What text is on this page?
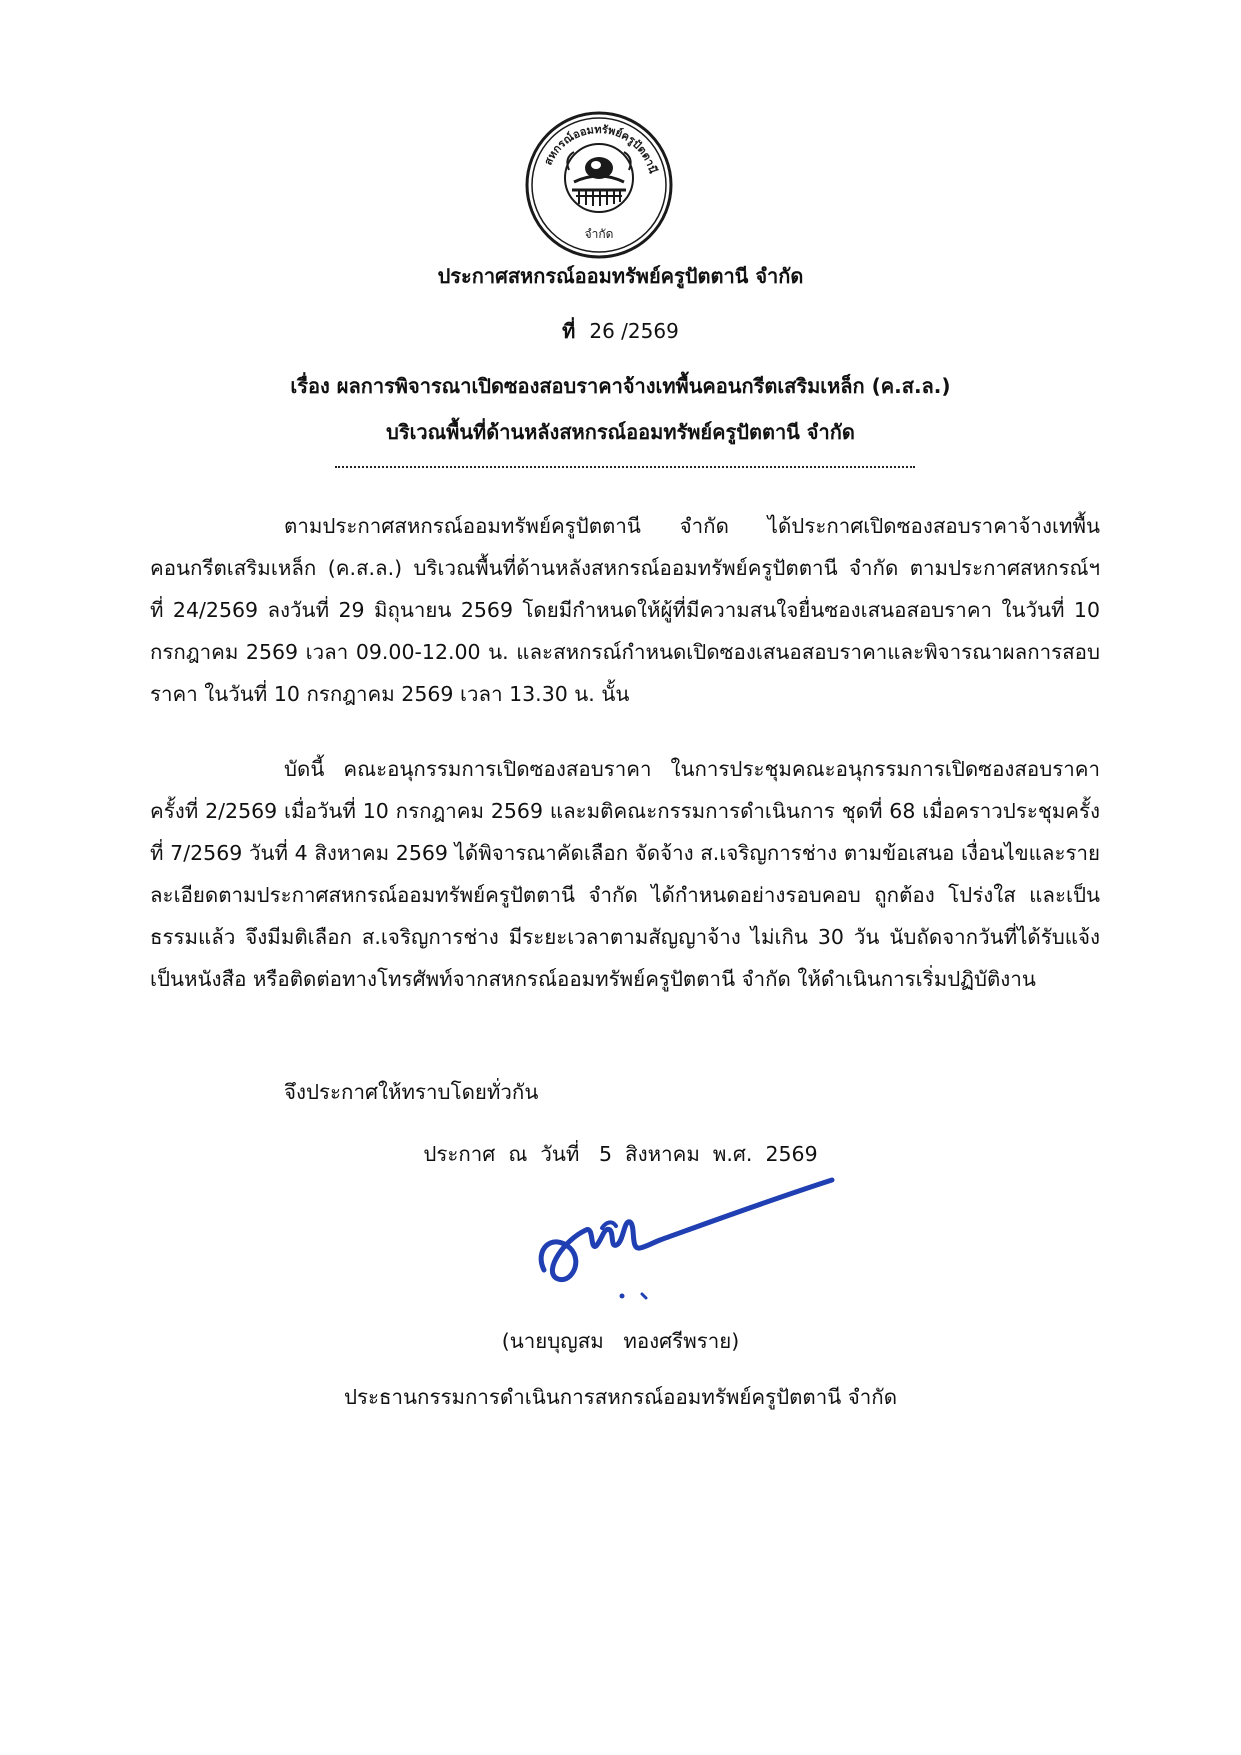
สหกรณ์ออมทรัพย์ครูปัตตานี
จำกัด
ประกาศสหกรณ์ออมทรัพย์ครูปัตตานี จำกัด
ที่ 26 /2569
เรื่อง ผลการพิจารณาเปิดซองสอบราคาจ้างเทพื้นคอนกรีตเสริมเหล็ก (ค.ส.ล.)
บริเวณพื้นที่ด้านหลังสหกรณ์ออมทรัพย์ครูปัตตานี จำกัด
ตามประกาศสหกรณ์ออมทรัพย์ครูปัตตานี จำกัด ได้ประกาศเปิดซองสอบราคาจ้างเทพื้นคอนกรีตเสริมเหล็ก (ค.ส.ล.) บริเวณพื้นที่ด้านหลังสหกรณ์ออมทรัพย์ครูปัตตานี จำกัด ตามประกาศสหกรณ์ฯ ที่ 24/2569 ลงวันที่ 29 มิถุนายน 2569 โดยมีกำหนดให้ผู้ที่มีความสนใจยื่นซองเสนอสอบราคา ในวันที่ 10 กรกฎาคม 2569 เวลา 09.00-12.00 น. และสหกรณ์กำหนดเปิดซองเสนอสอบราคาและพิจารณาผลการสอบราคา ในวันที่ 10 กรกฎาคม 2569 เวลา 13.30 น. นั้น
บัดนี้ คณะอนุกรรมการเปิดซองสอบราคา ในการประชุมคณะอนุกรรมการเปิดซองสอบราคา ครั้งที่ 2/2569 เมื่อวันที่ 10 กรกฎาคม 2569 และมติคณะกรรมการดำเนินการ ชุดที่ 68 เมื่อคราวประชุมครั้งที่ 7/2569 วันที่ 4 สิงหาคม 2569 ได้พิจารณาคัดเลือก จัดจ้าง ส.เจริญการช่าง ตามข้อเสนอ เงื่อนไขและรายละเอียดตามประกาศสหกรณ์ออมทรัพย์ครูปัตตานี จำกัด ได้กำหนดอย่างรอบคอบ ถูกต้อง โปร่งใส และเป็นธรรมแล้ว จึงมีมติเลือก ส.เจริญการช่าง มีระยะเวลาตามสัญญาจ้าง ไม่เกิน 30 วัน นับถัดจากวันที่ได้รับแจ้งเป็นหนังสือ หรือติดต่อทางโทรศัพท์จากสหกรณ์ออมทรัพย์ครูปัตตานี จำกัด ให้ดำเนินการเริ่มปฏิบัติงาน
จึงประกาศให้ทราบโดยทั่วกัน
ประกาศ  ณ  วันที่   5  สิงหาคม  พ.ศ.  2569
(นายบุญสม   ทองศรีพราย)
ประธานกรรมการดำเนินการสหกรณ์ออมทรัพย์ครูปัตตานี จำกัด
